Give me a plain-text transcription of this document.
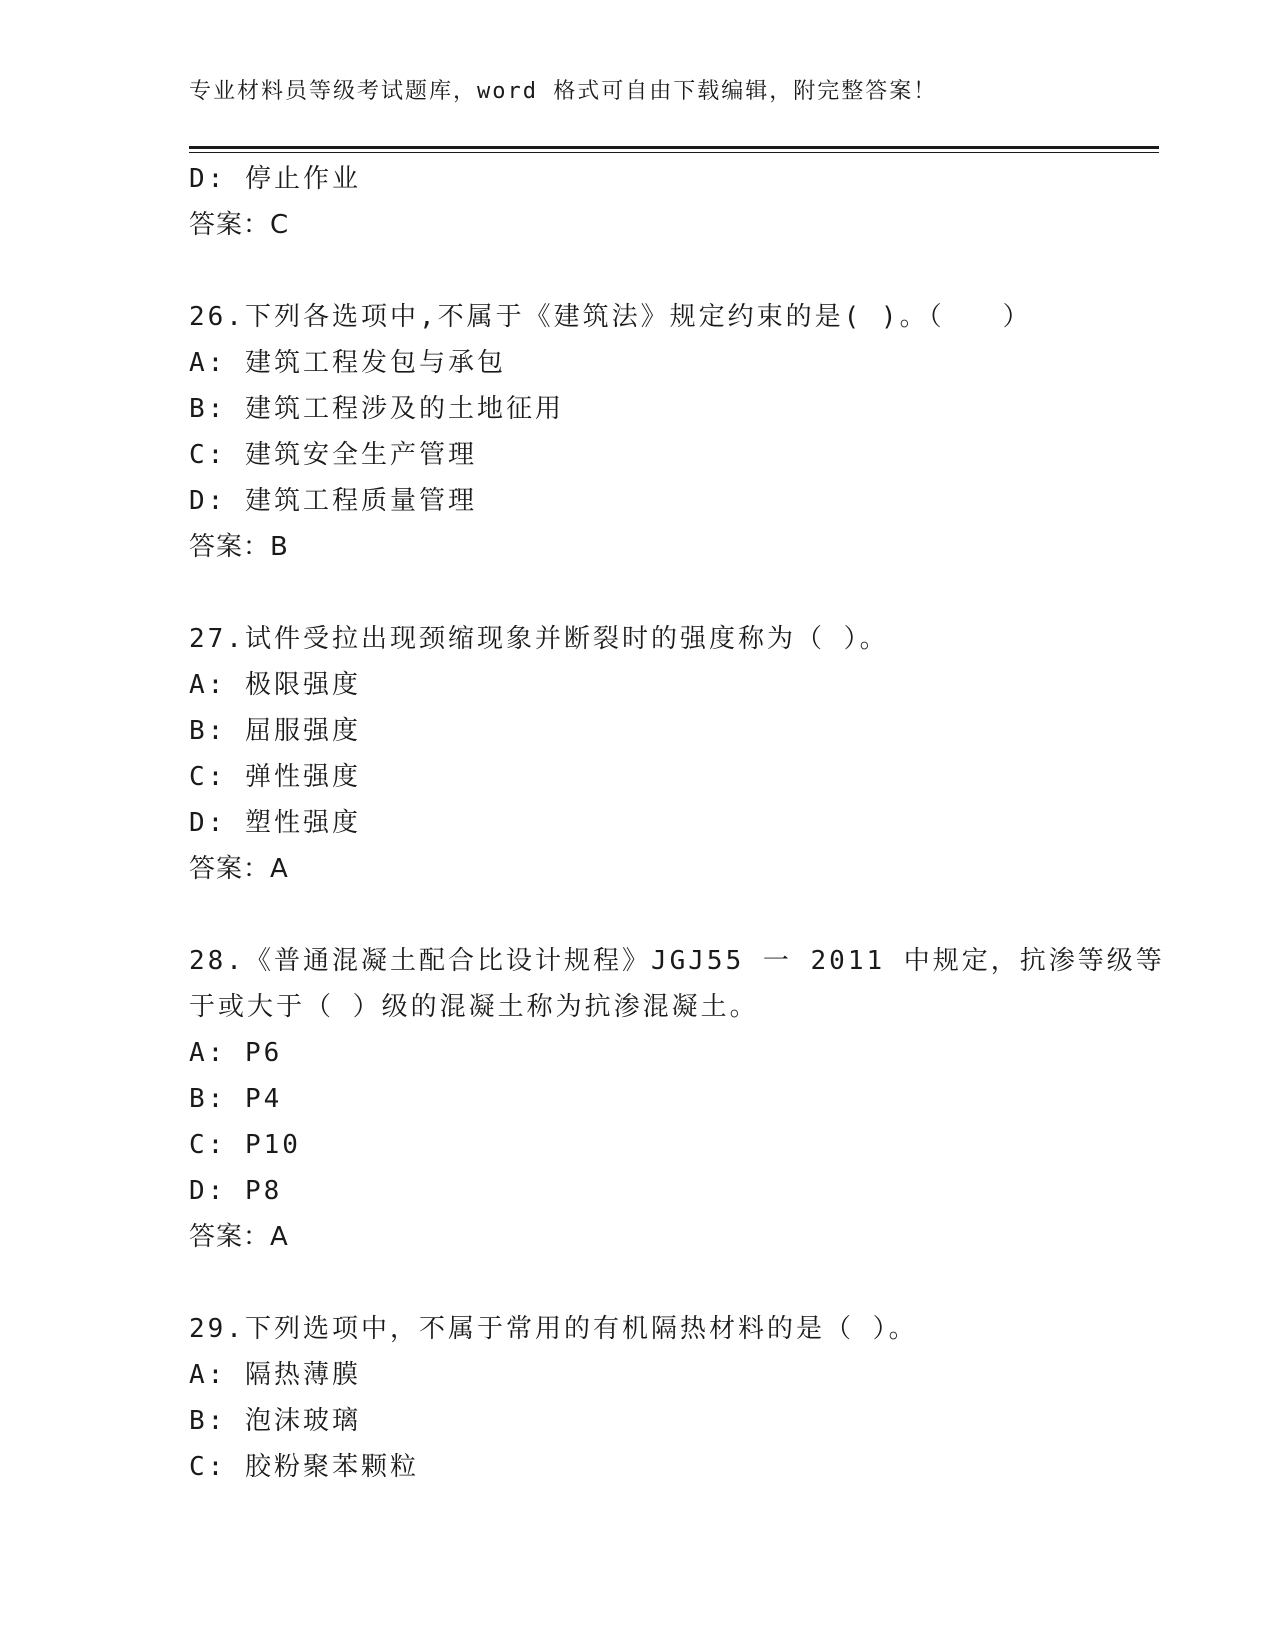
专业材料员等级考试题库，word 格式可自由下载编辑，附完整答案！
D: 停止作业
答案：C
26.下列各选项中,不属于《建筑法》规定约束的是( )。（　　）
A: 建筑工程发包与承包
B: 建筑工程涉及的土地征用
C: 建筑安全生产管理
D: 建筑工程质量管理
答案：B
27.试件受拉出现颈缩现象并断裂时的强度称为（ ）。
A: 极限强度
B: 屈服强度
C: 弹性强度
D: 塑性强度
答案：A
28.《普通混凝土配合比设计规程》JGJ55 一 2011 中规定，抗渗等级等
于或大于（ ）级的混凝土称为抗渗混凝土。
A: P6
B: P4
C: P10
D: P8
答案：A
29.下列选项中，不属于常用的有机隔热材料的是（ ）。
A: 隔热薄膜
B: 泡沫玻璃
C: 胶粉聚苯颗粒
